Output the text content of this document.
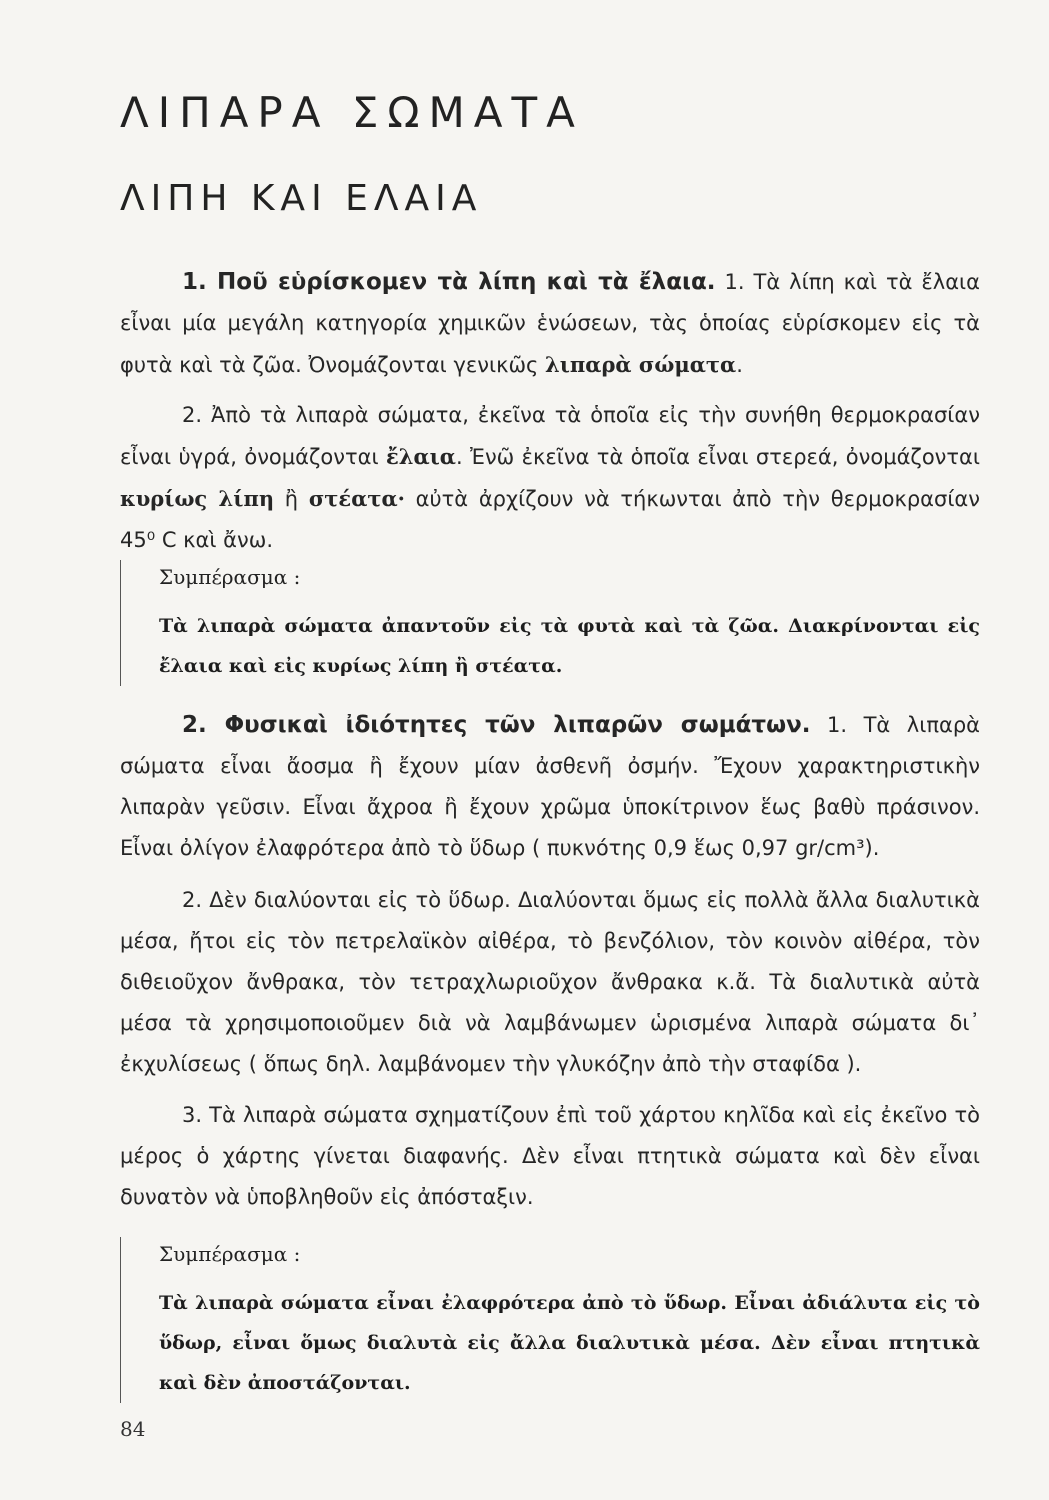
ΛΙΠΑΡΑ ΣΩΜΑΤΑ
ΛΙΠΗ ΚΑΙ ΕΛΑΙΑ

1. Ποῦ εὑρίσκομεν τὰ λίπη καὶ τὰ ἔλαια. 1. Τὰ λίπη καὶ τὰ ἔλαια εἶναι μία μεγάλη κατηγορία χημικῶν ἑνώσεων, τὰς ὁποίας εὑρίσκομεν εἰς τὰ φυτὰ καὶ τὰ ζῶα. Ὀνομάζονται γενικῶς λιπαρὰ σώματα.

2. Ἀπὸ τὰ λιπαρὰ σώματα, ἐκεῖνα τὰ ὁποῖα εἰς τὴν συνήθη θερμοκρασίαν εἶναι ὑγρά, ὀνομάζονται ἔλαια. Ἐνῶ ἐκεῖνα τὰ ὁποῖα εἶναι στερεά, ὀνομάζονται κυρίως λίπη ἢ στέατα· αὐτὰ ἀρχίζουν νὰ τήκωνται ἀπὸ τὴν θερμοκρασίαν 45⁰ C καὶ ἄνω.

Συμπέρασμα :

Τὰ λιπαρὰ σώματα ἀπαντοῦν εἰς τὰ φυτὰ καὶ τὰ ζῶα. Διακρίνονται εἰς ἔλαια καὶ εἰς κυρίως λίπη ἢ στέατα.

2. Φυσικαὶ ἰδιότητες τῶν λιπαρῶν σωμάτων. 1. Τὰ λιπαρὰ σώματα εἶναι ἄοσμα ἢ ἔχουν μίαν ἀσθενῆ ὀσμήν. Ἔχουν χαρακτηριστικὴν λιπαρὰν γεῦσιν. Εἶναι ἄχροα ἢ ἔχουν χρῶμα ὑποκίτρινον ἕως βαθὺ πράσινον. Εἶναι ὀλίγον ἐλαφρότερα ἀπὸ τὸ ὕδωρ ( πυκνότης 0,9 ἕως 0,97 gr/cm³).

2. Δὲν διαλύονται εἰς τὸ ὕδωρ. Διαλύονται ὅμως εἰς πολλὰ ἄλλα διαλυτικὰ μέσα, ἤτοι εἰς τὸν πετρελαϊκὸν αἰθέρα, τὸ βενζόλιον, τὸν κοινὸν αἰθέρα, τὸν διθειοῦχον ἄνθρακα, τὸν τετραχλωριοῦχον ἄνθρακα κ.ἄ. Τὰ διαλυτικὰ αὐτὰ μέσα τὰ χρησιμοποιοῦμεν διὰ νὰ λαμβάνωμεν ὡρισμένα λιπαρὰ σώματα δι᾽ ἐκχυλίσεως ( ὅπως δηλ. λαμβάνομεν τὴν γλυκόζην ἀπὸ τὴν σταφίδα ).

3. Τὰ λιπαρὰ σώματα σχηματίζουν ἐπὶ τοῦ χάρτου κηλῖδα καὶ εἰς ἐκεῖνο τὸ μέρος ὁ χάρτης γίνεται διαφανής. Δὲν εἶναι πτητικὰ σώματα καὶ δὲν εἶναι δυνατὸν νὰ ὑποβληθοῦν εἰς ἀπόσταξιν.

Συμπέρασμα :

Τὰ λιπαρὰ σώματα εἶναι ἐλαφρότερα ἀπὸ τὸ ὕδωρ. Εἶναι ἀδιάλυτα εἰς τὸ ὕδωρ, εἶναι ὅμως διαλυτὰ εἰς ἄλλα διαλυτικὰ μέσα. Δὲν εἶναι πτητικὰ καὶ δὲν ἀποστάζονται.

84
